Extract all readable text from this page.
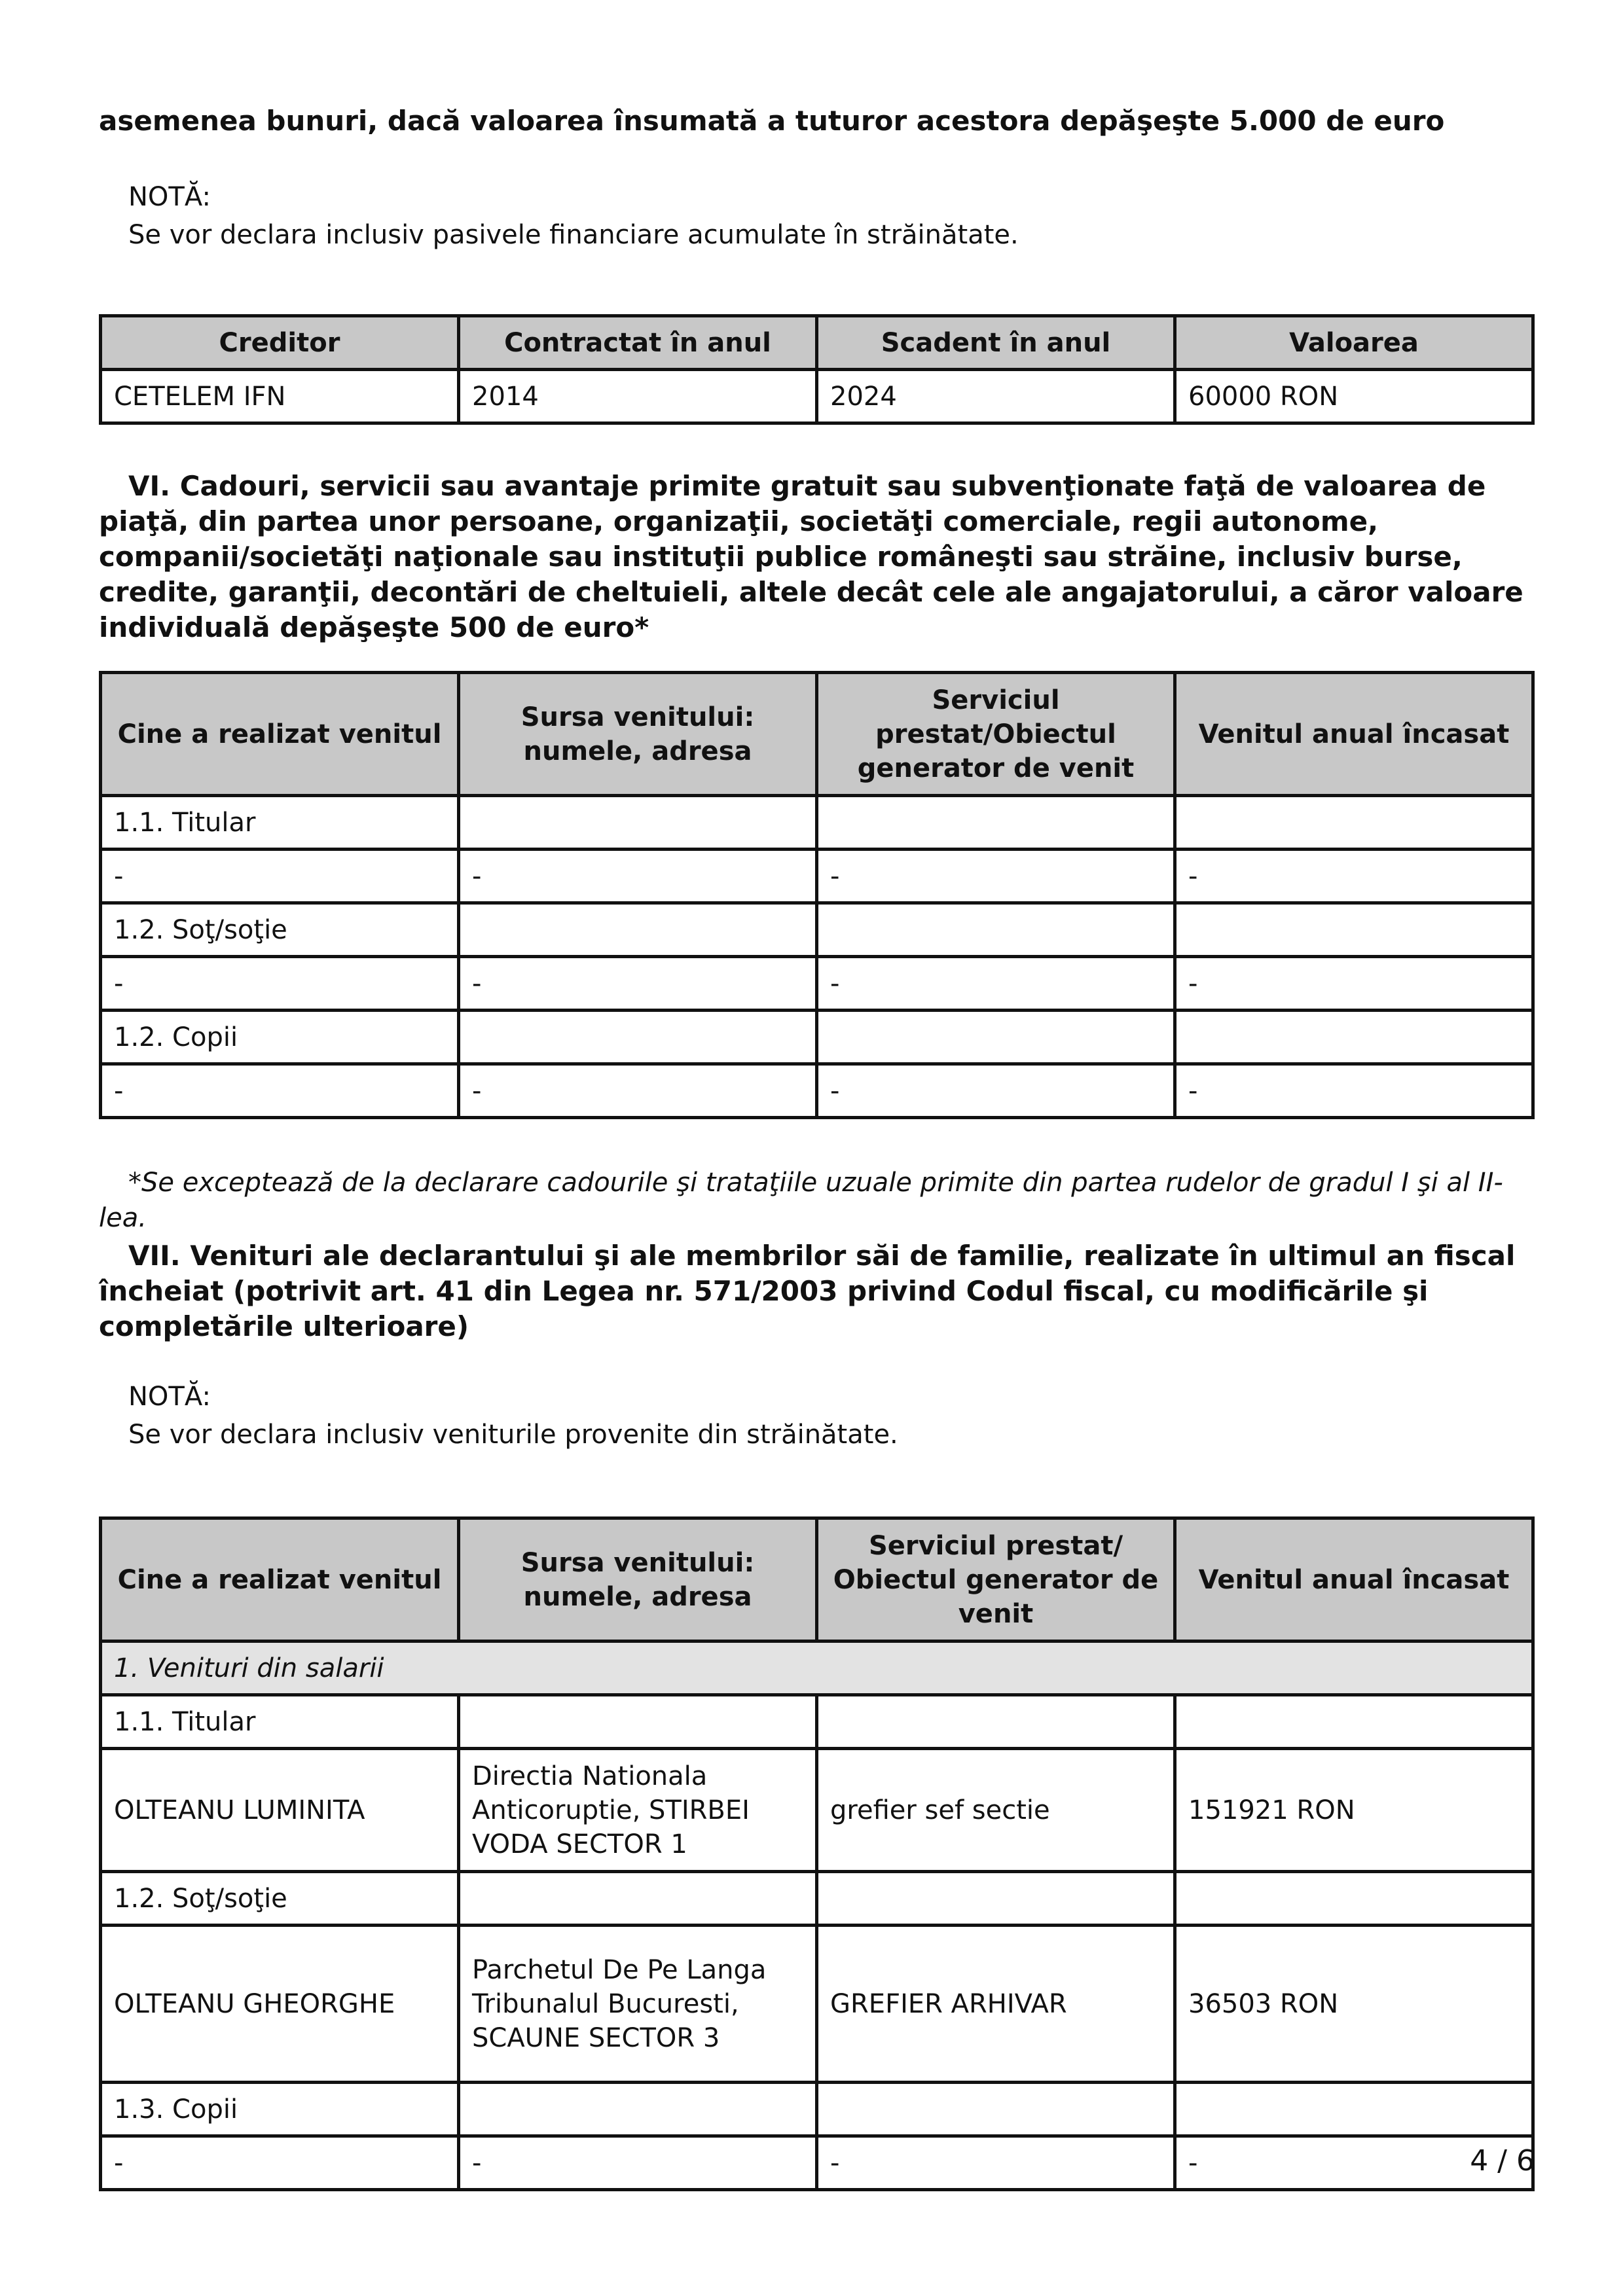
asemenea bunuri, dacă valoarea însumată a tuturor acestora depăşeşte 5.000 de euro

NOTĂ:
Se vor declara inclusiv pasivele financiare acumulate în străinătate.
Creditor	Contractat în anul	Scadent în anul	Valoarea
CETELEM IFN	2014	2024	60000 RON

VI. Cadouri, servicii sau avantaje primite gratuit sau subvenţionate faţă de valoarea de piaţă, din partea unor persoane, organizaţii, societăţi comerciale, regii autonome, companii/societăţi naţionale sau instituţii publice româneşti sau străine, inclusiv burse, credite, garanţii, decontări de cheltuieli, altele decât cele ale angajatorului, a căror valoare individuală depăşeşte 500 de euro*

Cine a realizat venitul	Sursa venitului: numele, adresa	Serviciul prestat/Obiectul generator de venit	Venitul anual încasat
1.1. Titular			
-	-	-	-
1.2. Soţ/soţie			
-	-	-	-
1.2. Copii			
-	-	-	-

*Se exceptează de la declarare cadourile şi trataţiile uzuale primite din partea rudelor de gradul I şi al II-lea.

VII. Venituri ale declarantului şi ale membrilor săi de familie, realizate în ultimul an fiscal încheiat (potrivit art. 41 din Legea nr. 571/2003 privind Codul fiscal, cu modificările şi completările ulterioare)

NOTĂ:
Se vor declara inclusiv veniturile provenite din străinătate.
Cine a realizat venitul	Sursa venitului: numele, adresa	Serviciul prestat/ Obiectul generator de venit	Venitul anual încasat
1. Venituri din salarii			
1.1. Titular			
OLTEANU LUMINITA	Directia Nationala Anticoruptie, STIRBEI VODA SECTOR 1	grefier sef sectie	151921 RON
1.2. Soţ/soţie			
OLTEANU GHEORGHE	Parchetul De Pe Langa Tribunalul Bucuresti, SCAUNE SECTOR 3	GREFIER ARHIVAR	36503 RON
1.3. Copii			
-	-	-	-	4 / 6
